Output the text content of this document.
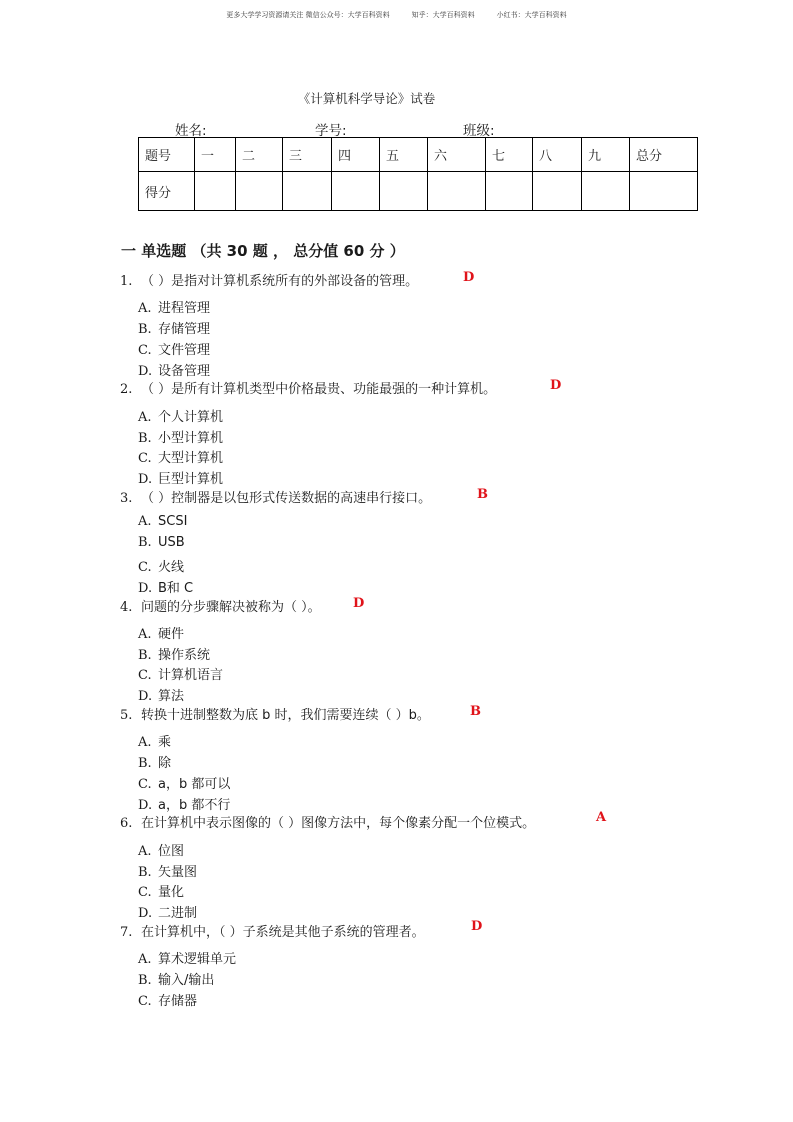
更多大学学习资源请关注 微信公众号：大学百科资料	知乎：大学百科资料	小红书：大学百科资料
《计算机科学导论》试卷
姓名:	学号:	班级:
题号	一	二	三	四	五	六	七	八	九	总分
得分										
一 单选题 （共 30 题 ， 总分值 60 分 ）
1. （ ）是指对计算机系统所有的外部设备的管理。	D
A. 进程管理
B. 存储管理
C. 文件管理
D. 设备管理
2. （ ）是所有计算机类型中价格最贵、功能最强的一种计算机。	D
A. 个人计算机
B. 小型计算机
C. 大型计算机
D. 巨型计算机
3. （ ）控制器是以包形式传送数据的高速串行接口。	B
A. SCSI
B. USB
C. 火线
D. B和 C
4. 问题的分步骤解决被称为（ ）。 D
A. 硬件
B. 操作系统
C. 计算机语言
D. 算法
5. 转换十进制整数为底 b 时，我们需要连续（ ）b。	B
A. 乘
B. 除
C. a，b 都可以
D. a，b 都不行
6. 在计算机中表示图像的（ ）图像方法中，每个像素分配一个位模式。	A
A. 位图
B. 矢量图
C. 量化
D. 二进制
7. 在计算机中，（ ）子系统是其他子系统的管理者。	D
A. 算术逻辑单元
B. 输入/输出
C. 存储器
